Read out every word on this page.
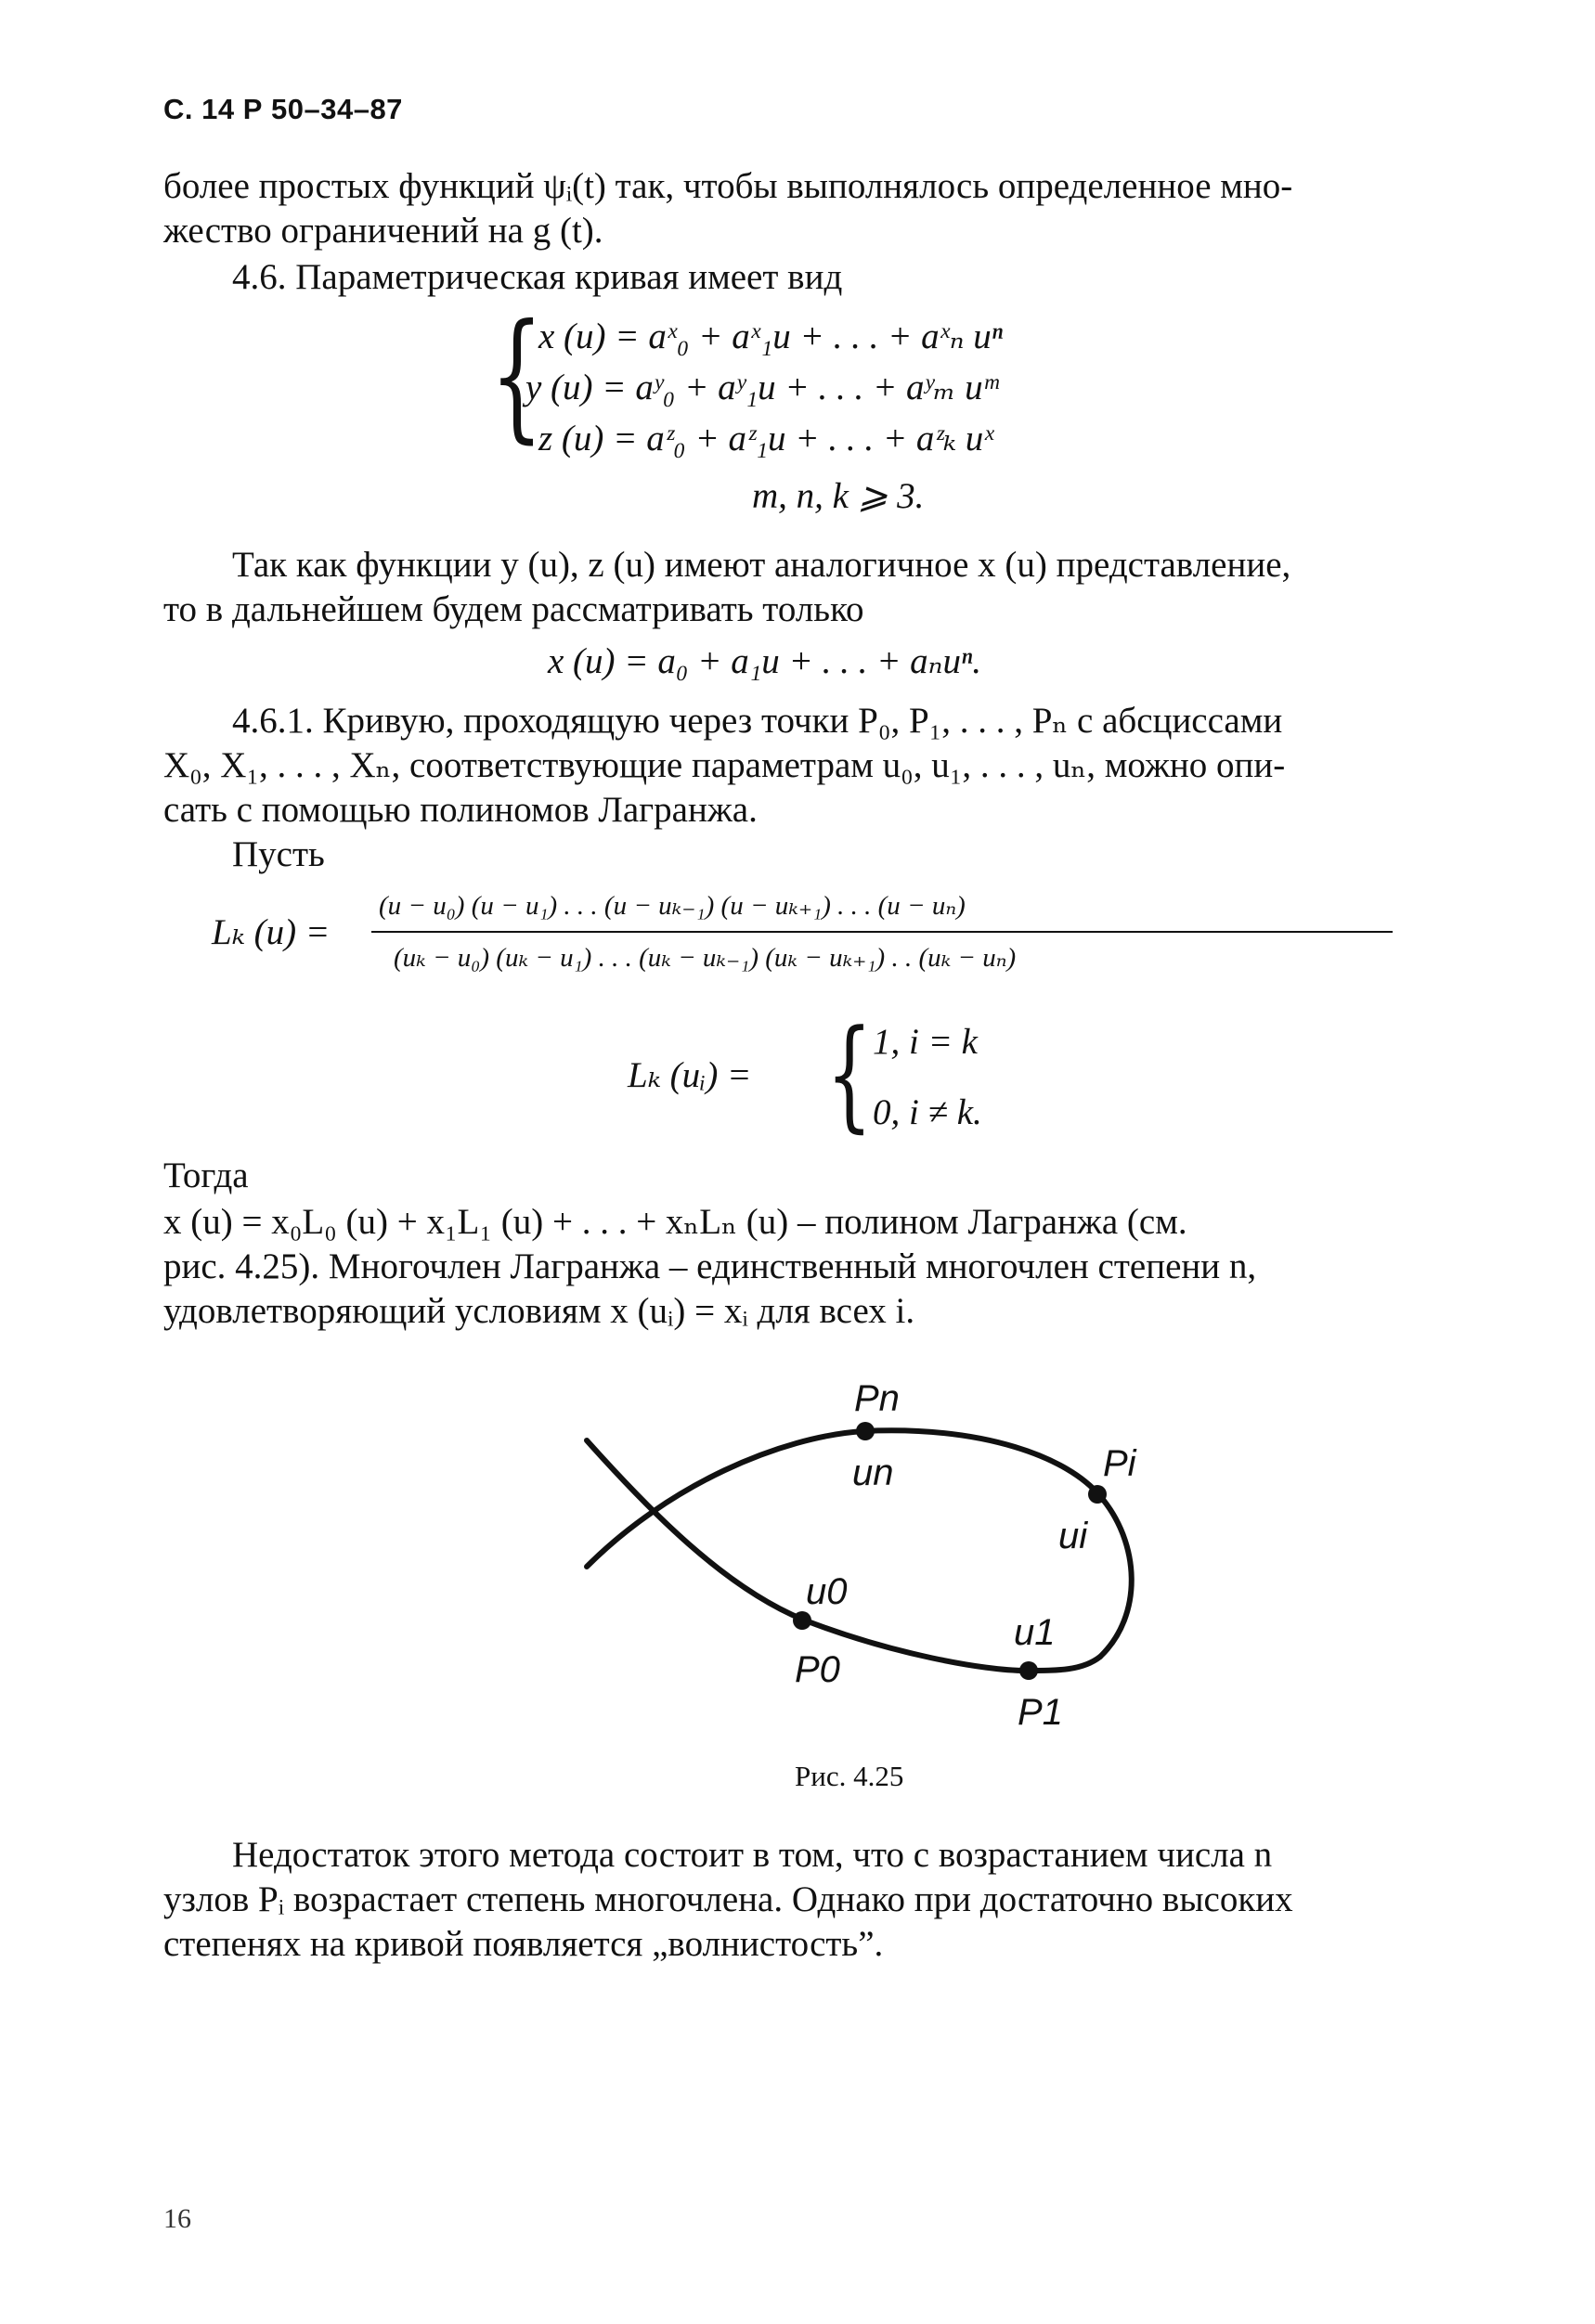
С. 14 Р 50–34–87
более простых функций ψᵢ(t) так, чтобы выполнялось определенное мно-
жество ограничений на g (t).
4.6. Параметрическая кривая имеет вид
{
x (u) = aˣ₀ + aˣ₁u + . . . + aˣₙ uⁿ
y (u) = aʸ₀ + aʸ₁u + . . . + aʸₘ uᵐ
z (u) = aᶻ₀ + aᶻ₁u + . . . + aᶻₖ uˣ
m, n, k ⩾ 3.
Так как функции y (u), z (u) имеют аналогичное x (u) представление,
то в дальнейшем будем рассматривать только
x (u) = a₀ + a₁u + . . . + aₙuⁿ.
4.6.1. Кривую, проходящую через точки P₀, P₁, . . . , Pₙ с абсциссами
X₀, X₁, . . . , Xₙ, соответствующие параметрам u₀, u₁, . . . , uₙ, можно опи-
сать с помощью полиномов Лагранжа.
Пусть
Lₖ (u) =
(u − u₀) (u − u₁) . . . (u − uₖ₋₁) (u − uₖ₊₁) . . . (u − uₙ)
(uₖ − u₀) (uₖ − u₁) . . . (uₖ − uₖ₋₁) (uₖ − uₖ₊₁) . . (uₖ − uₙ)
Lₖ (uᵢ) = { 1, i = k
0, i ≠ k.
Тогда
x (u) = x₀L₀ (u) + x₁L₁ (u) + . . . + xₙLₙ (u) – полином Лагранжа (см.
рис. 4.25). Многочлен Лагранжа – единственный многочлен степени n,
удовлетворяющий условиям x (uᵢ) = xᵢ для всех i.
Pn
un	Pi
ui
u0
P0
u1
P1
Рис. 4.25
Недостаток этого метода состоит в том, что с возрастанием числа n
узлов Pᵢ возрастает степень многочлена. Однако при достаточно высоких
степенях на кривой появляется „волнистость”.
16
